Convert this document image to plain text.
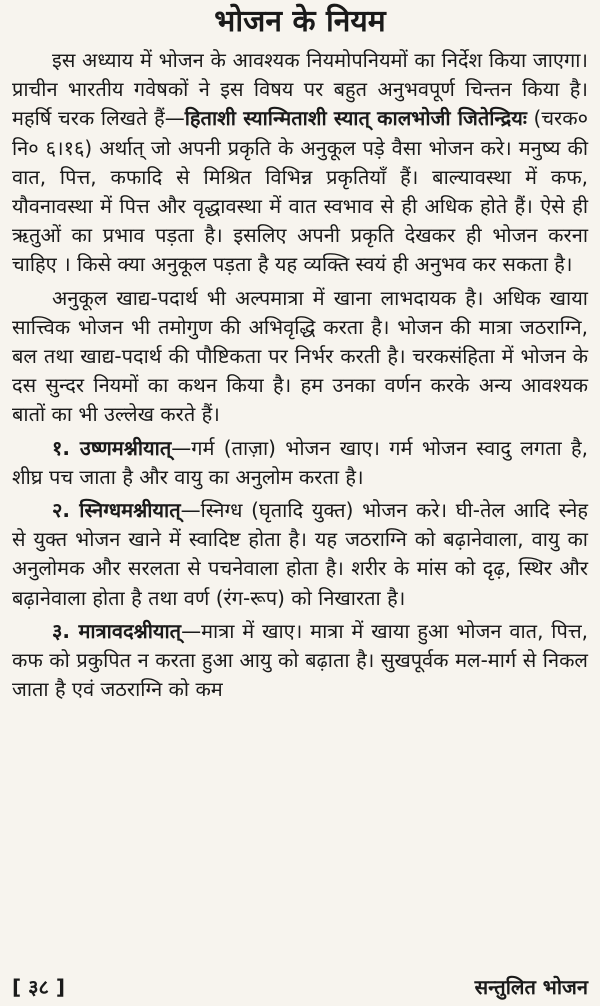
भोजन के नियम

इस अध्याय में भोजन के आवश्यक नियमोपनियमों का निर्देश किया जाएगा। प्राचीन भारतीय गवेषकों ने इस विषय पर बहुत अनुभवपूर्ण चिन्तन किया है। महर्षि चरक लिखते हैं—हिताशी स्यान्मिताशी स्यात् कालभोजी जितेन्द्रियः (चरक० नि० ६।१६) अर्थात् जो अपनी प्रकृति के अनुकूल पड़े वैसा भोजन करे। मनुष्य की वात, पित्त, कफादि से मिश्रित विभिन्न प्रकृतियाँ हैं। बाल्यावस्था में कफ, यौवनावस्था में पित्त और वृद्धावस्था में वात स्वभाव से ही अधिक होते हैं। ऐसे ही ऋतुओं का प्रभाव पड़ता है। इसलिए अपनी प्रकृति देखकर ही भोजन करना चाहिए । किसे क्या अनुकूल पड़ता है यह व्यक्ति स्वयं ही अनुभव कर सकता है।

अनुकूल खाद्य-पदार्थ भी अल्पमात्रा में खाना लाभदायक है। अधिक खाया सात्त्विक भोजन भी तमोगुण की अभिवृद्धि करता है। भोजन की मात्रा जठराग्नि, बल तथा खाद्य-पदार्थ की पौष्टिकता पर निर्भर करती है। चरकसंहिता में भोजन के दस सुन्दर नियमों का कथन किया है। हम उनका वर्णन करके अन्य आवश्यक बातों का भी उल्लेख करते हैं।

१. उष्णमश्नीयात्—गर्म (ताज़ा) भोजन खाए। गर्म भोजन स्वादु लगता है, शीघ्र पच जाता है और वायु का अनुलोम करता है।

२. स्निग्धमश्नीयात्—स्निग्ध (घृतादि युक्त) भोजन करे। घी-तेल आदि स्नेह से युक्त भोजन खाने में स्वादिष्ट होता है। यह जठराग्नि को बढ़ानेवाला, वायु का अनुलोमक और सरलता से पचनेवाला होता है। शरीर के मांस को दृढ़, स्थिर और बढ़ानेवाला होता है तथा वर्ण (रंग-रूप) को निखारता है।

३. मात्रावदश्नीयात्—मात्रा में खाए। मात्रा में खाया हुआ भोजन वात, पित्त, कफ को प्रकुपित न करता हुआ आयु को बढ़ाता है। सुखपूर्वक मल-मार्ग से निकल जाता है एवं जठराग्नि को कम

[ ३८ ]	सन्तुलित भोजन
